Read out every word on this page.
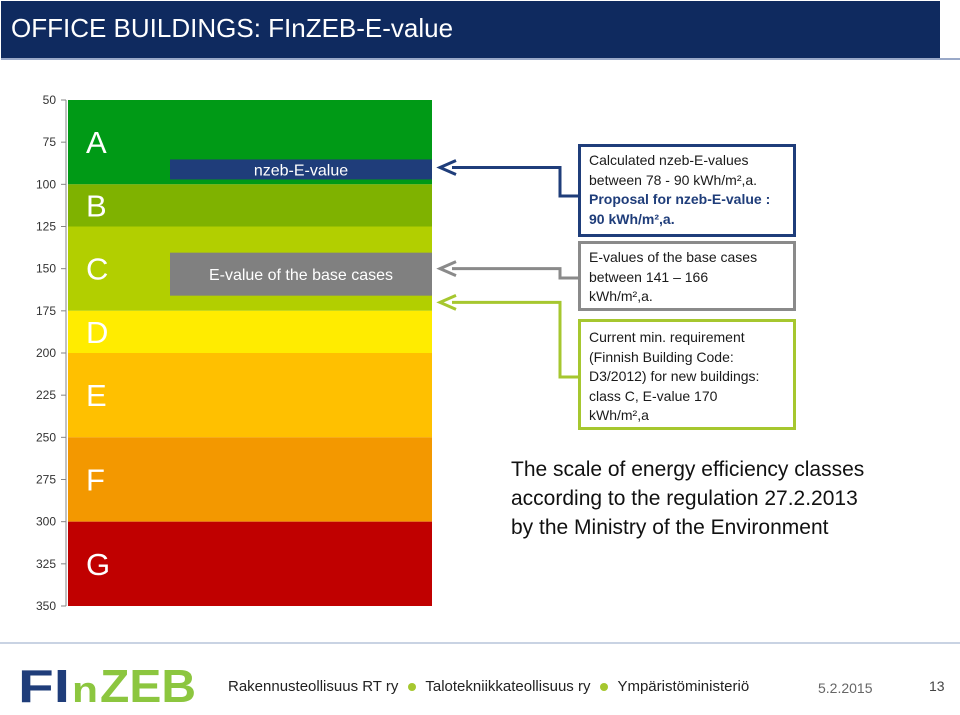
OFFICE BUILDINGS: FInZEB-E-value
A
B
C
D
E
F
G
nzeb-E-value
E-value of the base cases
50
75
100
125
150
175
200
225
250
275
300
325
350
Calculated nzeb-E-values
between 78 - 90 kWh/m²,a.
Proposal for nzeb-E-value :
90 kWh/m²,a.
E-values of the base cases
between 141 – 166
kWh/m²,a.
Current min. requirement
(Finnish Building Code:
D3/2012) for new buildings:
class C, E-value 170
kWh/m²,a
The scale of energy efficiency classes
according to the regulation 27.2.2013
by the Ministry of the Environment
FI n ZEB Rakennusteollisuus RT ry Talotekniikkateollisuus ry Ympäristöministeriö	5.2.2015	13
